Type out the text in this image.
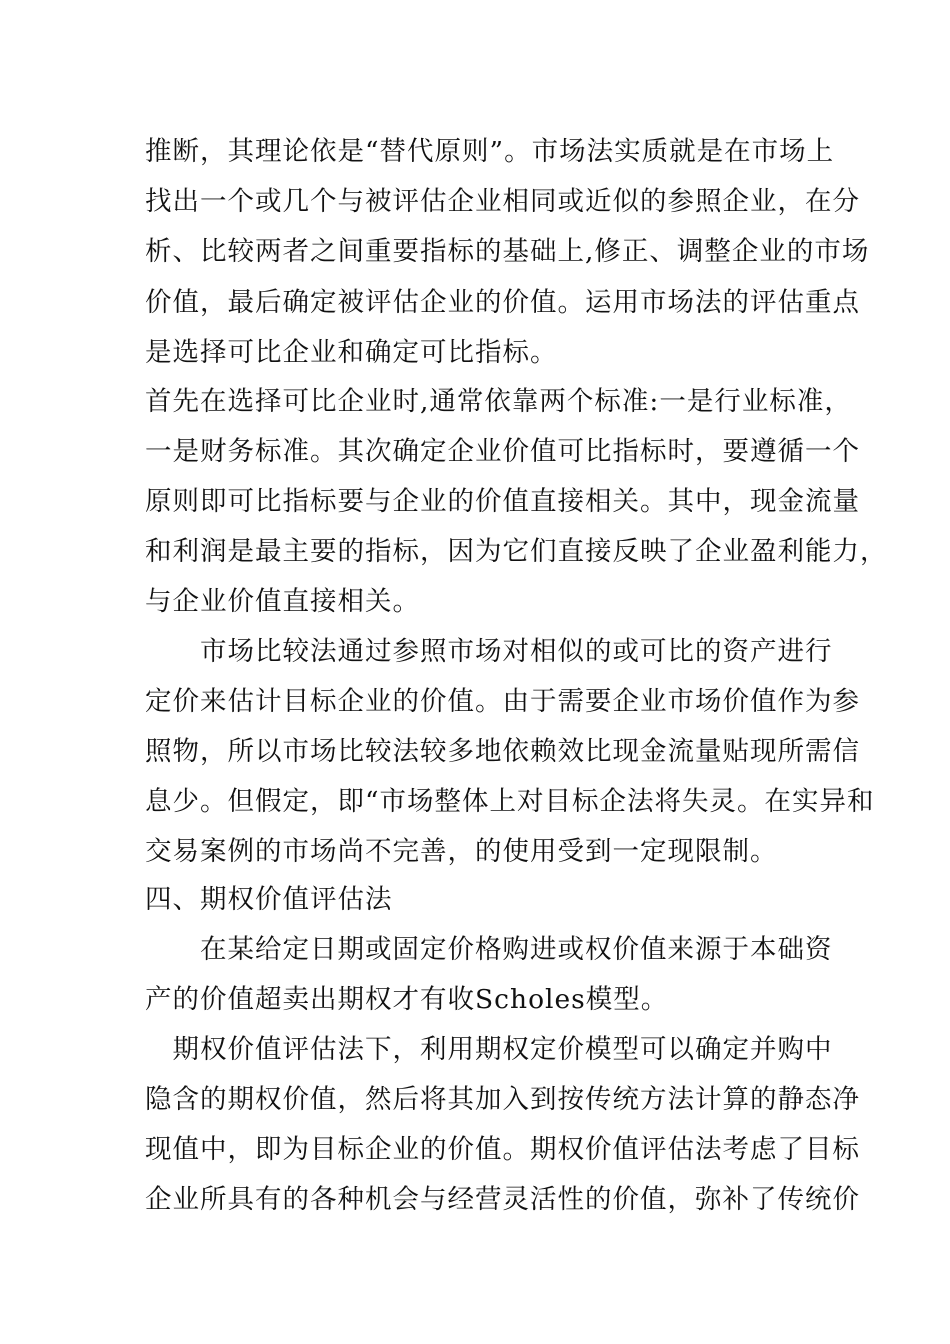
推断，其理论依是“替代原则”。市场法实质就是在市场上

找出一个或几个与被评估企业相同或近似的参照企业，在分

析、比较两者之间重要指标的基础上,修正、调整企业的市场

价值，最后确定被评估企业的价值。运用市场法的评估重点

是选择可比企业和确定可比指标。

首先在选择可比企业时,通常依靠两个标准:一是行业标准，

一是财务标准。其次确定企业价值可比指标时，要遵循一个

原则即可比指标要与企业的价值直接相关。其中，现金流量

和利润是最主要的指标，因为它们直接反映了企业盈利能力，

与企业价值直接相关。

　　市场比较法通过参照市场对相似的或可比的资产进行

定价来估计目标企业的价值。由于需要企业市场价值作为参

照物，所以市场比较法较多地依赖效比现金流量贴现所需信

息少。但假定，即“市场整体上对目标企法将失灵。在实异和

交易案例的市场尚不完善，的使用受到一定现限制。

四、期权价值评估法

　　在某给定日期或固定价格购进或权价值来源于本础资

产的价值超卖出期权才有收Scholes模型。

　期权价值评估法下，利用期权定价模型可以确定并购中

隐含的期权价值，然后将其加入到按传统方法计算的静态净

现值中，即为目标企业的价值。期权价值评估法考虑了目标

企业所具有的各种机会与经营灵活性的价值，弥补了传统价
